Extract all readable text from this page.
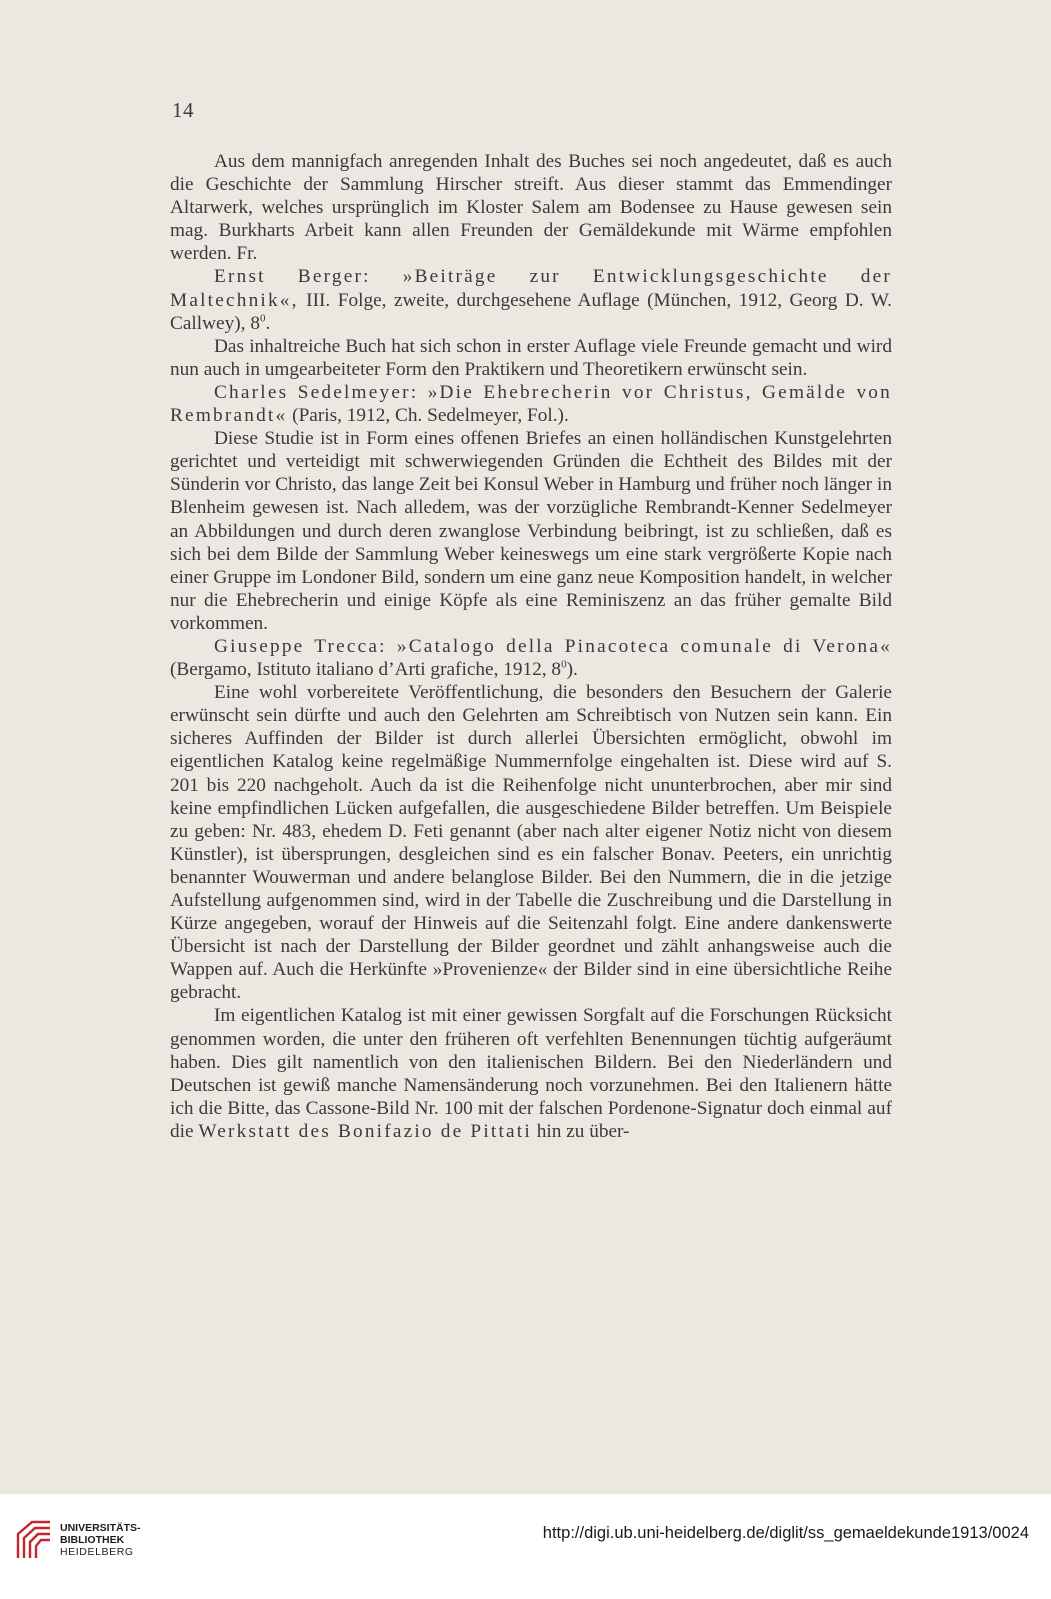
14

Aus dem mannigfach anregenden Inhalt des Buches sei noch angedeutet, daß es auch die Geschichte der Sammlung Hirscher streift. Aus dieser stammt das Emmendinger Altarwerk, welches ursprünglich im Kloster Salem am Bodensee zu Hause gewesen sein mag. Burkharts Arbeit kann allen Freunden der Gemäldekunde mit Wärme empfohlen werden. Fr.

Ernst Berger: »Beiträge zur Entwicklungsgeschichte der Maltechnik«, III. Folge, zweite, durchgesehene Auflage (München, 1912, Georg D. W. Callwey), $8^0$.

Das inhaltreiche Buch hat sich schon in erster Auflage viele Freunde gemacht und wird nun auch in umgearbeiteter Form den Praktikern und Theoretikern erwünscht sein.

Charles Sedelmeyer: »Die Ehebrecherin vor Christus, Gemälde von Rembrandt« (Paris, 1912, Ch. Sedelmeyer, Fol.).

Diese Studie ist in Form eines offenen Briefes an einen holländischen Kunstgelehrten gerichtet und verteidigt mit schwerwiegenden Gründen die Echtheit des Bildes mit der Sünderin vor Christo, das lange Zeit bei Konsul Weber in Hamburg und früher noch länger in Blenheim gewesen ist. Nach alledem, was der vorzügliche Rembrandt-Kenner Sedelmeyer an Abbildungen und durch deren zwanglose Verbindung beibringt, ist zu schließen, daß es sich bei dem Bilde der Sammlung Weber keineswegs um eine stark vergrößerte Kopie nach einer Gruppe im Londoner Bild, sondern um eine ganz neue Komposition handelt, in welcher nur die Ehebrecherin und einige Köpfe als eine Reminiszenz an das früher gemalte Bild vorkommen.

Giuseppe Trecca: »Catalogo della Pinacoteca comunale di Verona« (Bergamo, Istituto italiano d’Arti grafiche, 1912, $8^0$).

Eine wohl vorbereitete Veröffentlichung, die besonders den Besuchern der Galerie erwünscht sein dürfte und auch den Gelehrten am Schreibtisch von Nutzen sein kann. Ein sicheres Auffinden der Bilder ist durch allerlei Übersichten ermöglicht, obwohl im eigentlichen Katalog keine regelmäßige Nummernfolge eingehalten ist. Diese wird auf S. 201 bis 220 nachgeholt. Auch da ist die Reihenfolge nicht ununterbrochen, aber mir sind keine empfindlichen Lücken aufgefallen, die ausgeschiedene Bilder betreffen. Um Beispiele zu geben: Nr. 483, ehedem D. Feti genannt (aber nach alter eigener Notiz nicht von diesem Künstler), ist übersprungen, desgleichen sind es ein falscher Bonav. Peeters, ein unrichtig benannter Wouwerman und andere belanglose Bilder. Bei den Nummern, die in die jetzige Aufstellung aufgenommen sind, wird in der Tabelle die Zuschreibung und die Darstellung in Kürze angegeben, worauf der Hinweis auf die Seitenzahl folgt. Eine andere dankenswerte Übersicht ist nach der Darstellung der Bilder geordnet und zählt anhangsweise auch die Wappen auf. Auch die Herkünfte »Provenienze« der Bilder sind in eine übersichtliche Reihe gebracht.

Im eigentlichen Katalog ist mit einer gewissen Sorgfalt auf die Forschungen Rücksicht genommen worden, die unter den früheren oft verfehlten Benennungen tüchtig aufgeräumt haben. Dies gilt namentlich von den italienischen Bildern. Bei den Niederländern und Deutschen ist gewiß manche Namensänderung noch vorzunehmen. Bei den Italienern hätte ich die Bitte, das Cassone-Bild Nr. 100 mit der falschen Pordenone-Signatur doch einmal auf die Werkstatt des Bonifazio de Pittati hin zu über-

UNIVERSITÄTS-
BIBLIOTHEK
HEIDELBERG
http://digi.ub.uni-heidelberg.de/diglit/ss_gemaeldekunde1913/0024
